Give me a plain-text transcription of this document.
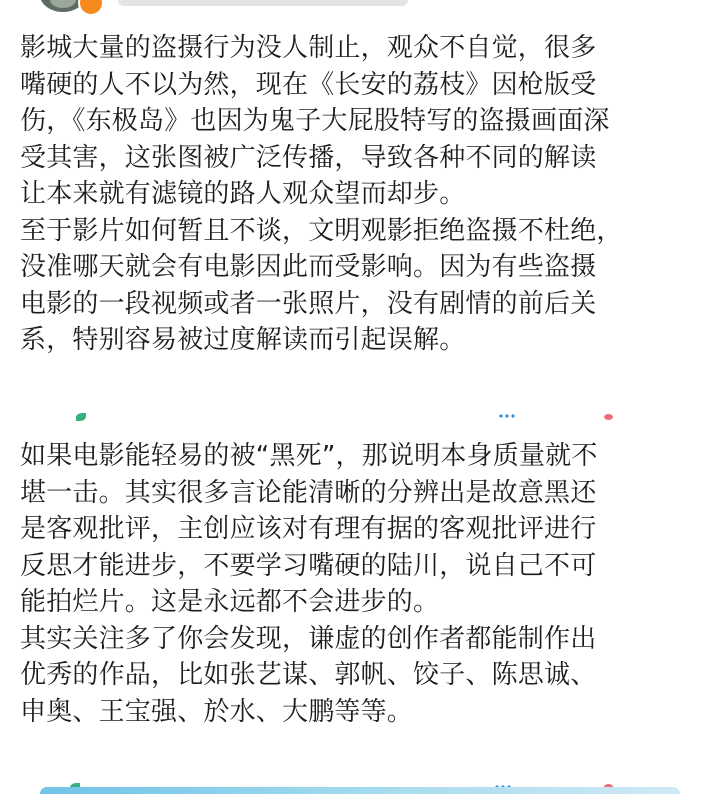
影城大量的盗摄行为没人制止，观众不自觉，很多

嘴硬的人不以为然，现在《长安的荔枝》因枪版受

伤，《东极岛》也因为鬼子大屁股特写的盗摄画面深

受其害，这张图被广泛传播，导致各种不同的解读

让本来就有滤镜的路人观众望而却步。

至于影片如何暂且不谈，文明观影拒绝盗摄不杜绝，

没准哪天就会有电影因此而受影响。因为有些盗摄

电影的一段视频或者一张照片，没有剧情的前后关

系，特别容易被过度解读而引起误解。

如果电影能轻易的被“黑死”，那说明本身质量就不

堪一击。其实很多言论能清晰的分辨出是故意黑还

是客观批评，主创应该对有理有据的客观批评进行

反思才能进步，不要学习嘴硬的陆川，说自己不可

能拍烂片。这是永远都不会进步的。

其实关注多了你会发现，谦虚的创作者都能制作出

优秀的作品，比如张艺谋、郭帆、饺子、陈思诚、

申奥、王宝强、於水、大鹏等等。
